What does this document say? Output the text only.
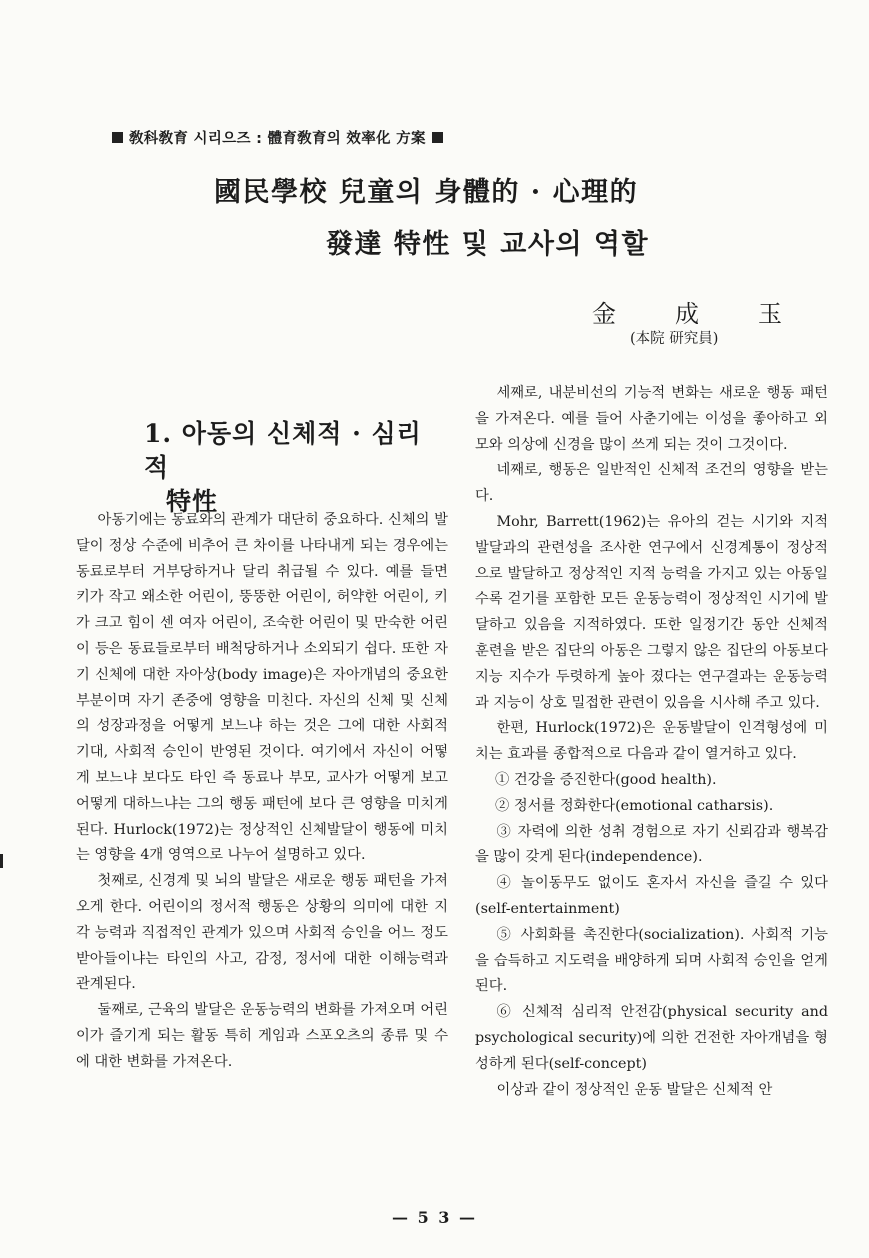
敎科敎育 시리으즈 : 體育敎育의 效率化 方案
國民學校 兒童의 身體的 · 心理的
發達 特性 및 교사의 역할
金 成 玉
(本院 研究員)
1. 아동의 신체적 · 심리적
特性

아동기에는 동료와의 관계가 대단히 중요하다. 신체의 발달이 정상 수준에 비추어 큰 차이를 나타내게 되는 경우에는 동료로부터 거부당하거나 달리 취급될 수 있다. 예를 들면 키가 작고 왜소한 어린이, 뚱뚱한 어린이, 허약한 어린이, 키가 크고 힘이 센 여자 어린이, 조숙한 어린이 및 만숙한 어린이 등은 동료들로부터 배척당하거나 소외되기 쉽다. 또한 자기 신체에 대한 자아상(body image)은 자아개념의 중요한 부분이며 자기 존중에 영향을 미친다. 자신의 신체 및 신체의 성장과정을 어떻게 보느냐 하는 것은 그에 대한 사회적 기대, 사회적 승인이 반영된 것이다. 여기에서 자신이 어떻게 보느냐 보다도 타인 즉 동료나 부모, 교사가 어떻게 보고 어떻게 대하느냐는 그의 행동 패턴에 보다 큰 영향을 미치게 된다. Hurlock(1972)는 정상적인 신체발달이 행동에 미치는 영향을 4개 영역으로 나누어 설명하고 있다.

첫째로, 신경계 및 뇌의 발달은 새로운 행동 패턴을 가져오게 한다. 어린이의 정서적 행동은 상황의 의미에 대한 지각 능력과 직접적인 관계가 있으며 사회적 승인을 어느 정도 받아들이냐는 타인의 사고, 감정, 정서에 대한 이해능력과 관계된다.

둘째로, 근육의 발달은 운동능력의 변화를 가져오며 어린이가 즐기게 되는 활동 특히 게임과 스포오츠의 종류 및 수에 대한 변화를 가져온다.

세째로, 내분비선의 기능적 변화는 새로운 행동 패턴을 가져온다. 예를 들어 사춘기에는 이성을 좋아하고 외모와 의상에 신경을 많이 쓰게 되는 것이 그것이다.

네째로, 행동은 일반적인 신체적 조건의 영향을 받는다.

Mohr, Barrett(1962)는 유아의 걷는 시기와 지적 발달과의 관련성을 조사한 연구에서 신경계통이 정상적으로 발달하고 정상적인 지적 능력을 가지고 있는 아동일수록 걷기를 포함한 모든 운동능력이 정상적인 시기에 발달하고 있음을 지적하였다. 또한 일정기간 동안 신체적 훈련을 받은 집단의 아동은 그렇지 않은 집단의 아동보다 지능 지수가 두렷하게 높아 졌다는 연구결과는 운동능력과 지능이 상호 밀접한 관련이 있음을 시사해 주고 있다.

한편, Hurlock(1972)은 운동발달이 인격형성에 미치는 효과를 종합적으로 다음과 같이 열거하고 있다.

① 건강을 증진한다(good health).

② 정서를 정화한다(emotional catharsis).

③ 자력에 의한 성취 경험으로 자기 신뢰감과 행복감을 많이 갖게 된다(independence).

④ 놀이동무도 없이도 혼자서 자신을 즐길 수 있다(self-entertainment)

⑤ 사회화를 촉진한다(socialization). 사회적 기능을 습득하고 지도력을 배양하게 되며 사회적 승인을 얻게 된다.

⑥ 신체적 심리적 안전감(physical security and psychological security)에 의한 건전한 자아개념을 형성하게 된다(self-concept)

이상과 같이 정상적인 운동 발달은 신체적 안

— 5 3 —
